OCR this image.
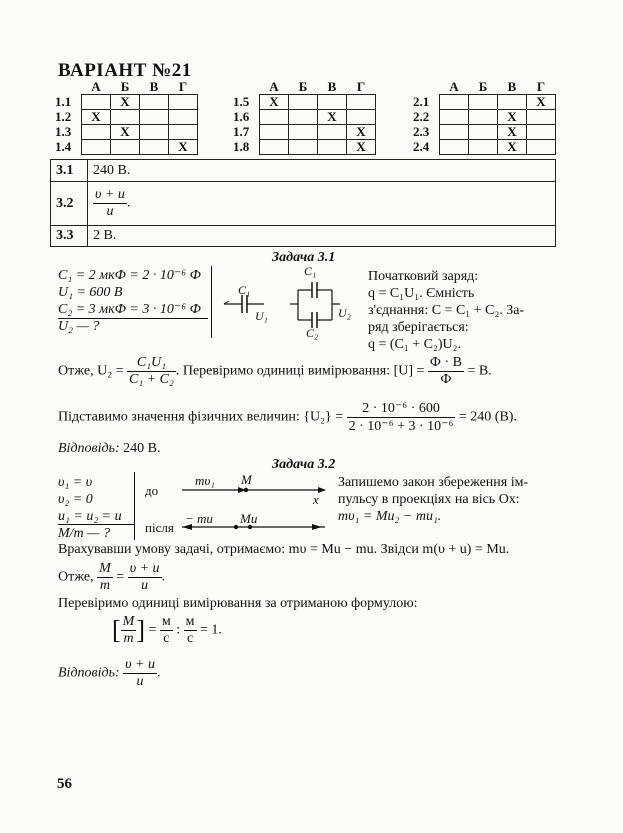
ВАРІАНТ №21
	А	Б	В	Г
1.1		X		
1.2	X			
1.3		X		
1.4				X
	А	Б	В	Г
1.5	X			
1.6			X	
1.7				X
1.8				X
	А	Б	В	Г
2.1				X
2.2			X	
2.3			X	
2.4			X	
3.1	240 В.
3.2	$\frac{\upsilon + u}{u}$ .
3.3	2 В.
Задача 3.1
C₁ = 2 мкФ = 2 · 10⁻⁶ Ф
U₁ = 600 В
C₂ = 3 мкФ = 3 · 10⁻⁶ Ф
U₂ — ?
C₁
U₁
C₁
C₂
U₂
Початковий заряд:
q = C₁U₁. Ємність
з'єднання: C = C₁ + C₂. За-
ряд зберігається:
q = (C₁ + C₂)U₂.
Отже, $U_2 = \frac{\text{C₁U₁}}{\text{C₁ + C₂}}$ . Перевіримо одиниці вимірювання: $[U] = \frac{Ф \cdot В}{Ф} = В$.
Підставимо значення фізичних величин: $\{U_2\} = \frac{\text{2 · 10⁻⁶ · 600}}{\text{2 · 10⁻⁶ + 3 · 10⁻⁶}} = 240$ (В).
Відповідь: 240 В.
Задача 3.2
υ₁ = υ
υ₂ = 0
u₁ = u₂ = u
M/m — ?
до
після
mυ₁ M
x
− mu Mu
Запишемо закон збереження ім-
пульсу в проекціях на вісь Ox:
mυ₁ = Mu₂ − mu₁.
Врахувавши умову задачі, отримаємо: mυ = Mu − mu. Звідси m(υ + u) = Mu.
Отже, $\frac{M}{m} = \frac{\upsilon + u}{u}$ .
Перевіримо одиниці вимірювання за отриманою формулою:
[ $\frac{M}{m}$ ] = $\frac{м}{с}$ : $\frac{м}{с} = 1$.
Відповідь: $\frac{\upsilon + u}{u}$ .
56
